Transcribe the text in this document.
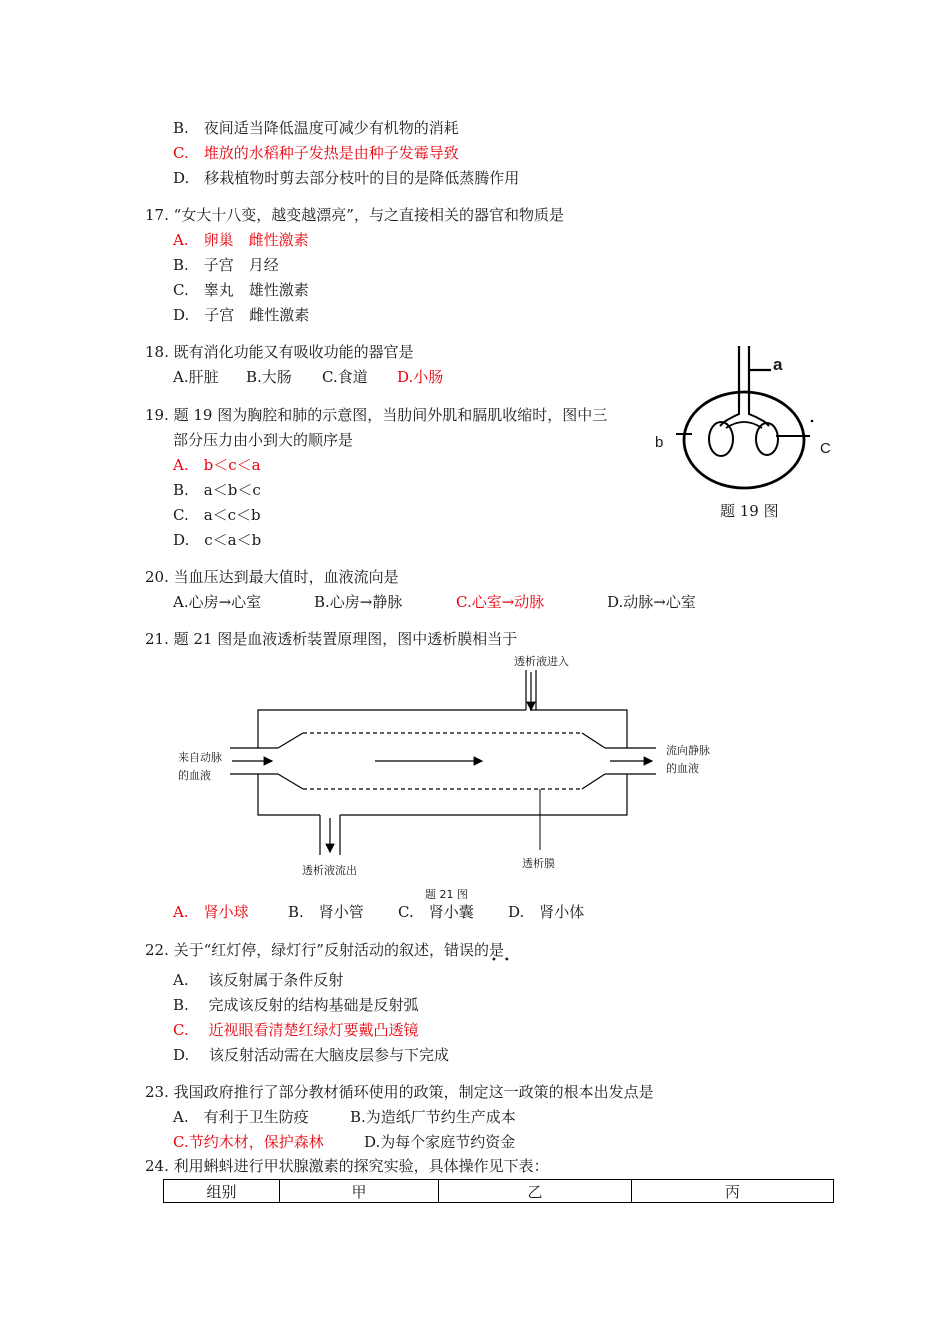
B.　夜间适当降低温度可减少有机物的消耗
C.　堆放的水稻种子发热是由种子发霉导致
D.　移栽植物时剪去部分枝叶的目的是降低蒸腾作用
17. “女大十八变，越变越漂亮”，与之直接相关的器官和物质是
A.　卵巢　雌性激素
B.　子宫　月经
C.　睾丸　雄性激素
D.　子宫　雌性激素
18. 既有消化功能又有吸收功能的器官是
A.肝脏 B.大肠 C.食道 D.小肠
19. 题 19 图为胸腔和肺的示意图，当肋间外肌和膈肌收缩时，图中三
部分压力由小到大的顺序是
A.　b＜c＜a
B.　a＜b＜c
C.　a＜c＜b
D.　c＜a＜b
a
b	C
题 19 图
20. 当血压达到最大值时，血液流向是
A.心房→心室	B.心房→静脉	C.心室→动脉	D.动脉→心室
21. 题 21 图是血液透析装置原理图，图中透析膜相当于
透析液进入
来自动脉
的血液
流向静脉
的血液
透析液流出
透析膜
题 21 图
A.　肾小球	B.　肾小管 C.　肾小囊 D.　肾小体
22. 关于“红灯停，绿灯行”反射活动的叙述，错误的是
••
A.　 该反射属于条件反射
B.　 完成该反射的结构基础是反射弧
C.　 近视眼看清楚红绿灯要戴凸透镜
D.　 该反射活动需在大脑皮层参与下完成
23. 我国政府推行了部分教材循环使用的政策，制定这一政策的根本出发点是
A.　有利于卫生防疫	B.为造纸厂节约生产成本
C.节约木材，保护森林	D.为每个家庭节约资金
24. 利用蝌蚪进行甲状腺激素的探究实验，具体操作见下表：
组别	甲	乙	丙
